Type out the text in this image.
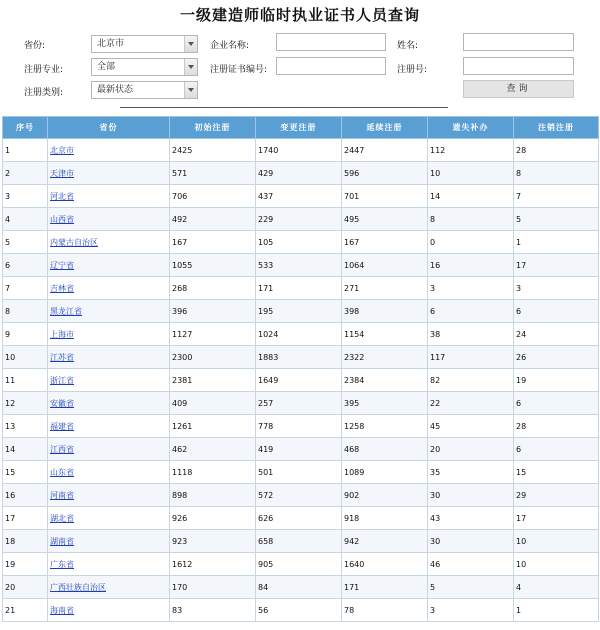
一级建造师临时执业证书人员查询
省份:	北京市	企业名称:	姓名:
注册专业:	全部	注册证书编号:	注册号:
注册类别:	最新状态	查询
序号	省份	初始注册	变更注册	延续注册	遗失补办	注销注册
1	北京市	2425	1740	2447	112	28
2	天津市	571	429	596	10	8
3	河北省	706	437	701	14	7
4	山西省	492	229	495	8	5
5	内蒙古自治区	167	105	167	0	1
6	辽宁省	1055	533	1064	16	17
7	吉林省	268	171	271	3	3
8	黑龙江省	396	195	398	6	6
9	上海市	1127	1024	1154	38	24
10	江苏省	2300	1883	2322	117	26
11	浙江省	2381	1649	2384	82	19
12	安徽省	409	257	395	22	6
13	福建省	1261	778	1258	45	28
14	江西省	462	419	468	20	6
15	山东省	1118	501	1089	35	15
16	河南省	898	572	902	30	29
17	湖北省	926	626	918	43	17
18	湖南省	923	658	942	30	10
19	广东省	1612	905	1640	46	10
20	广西壮族自治区	170	84	171	5	4
21	海南省	83	56	78	3	1
